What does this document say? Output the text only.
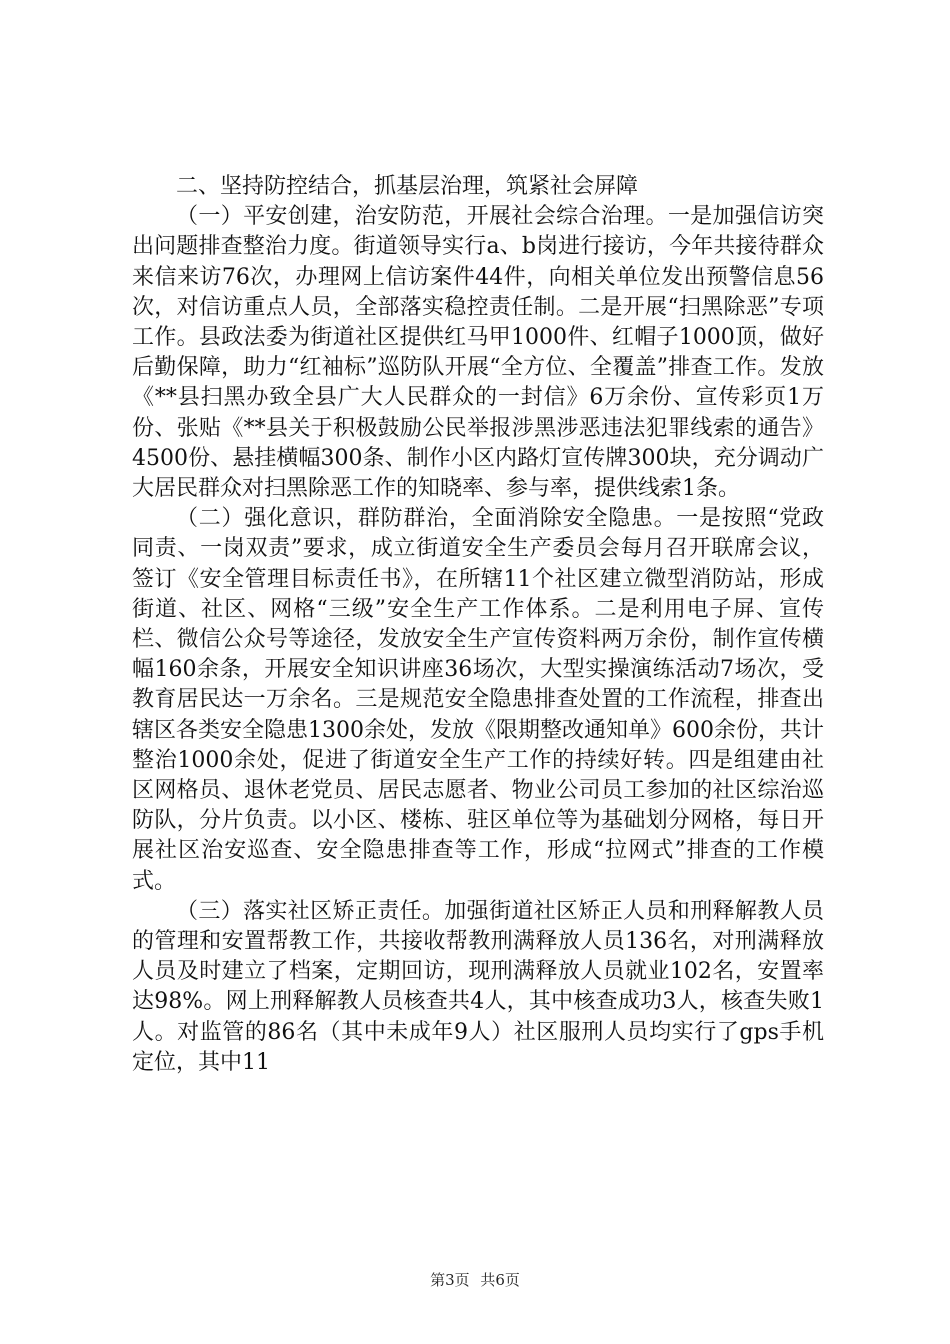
二、坚持防控结合，抓基层治理，筑紧社会屏障

（一）平安创建，治安防范，开展社会综合治理。一是加强信访突出问题排查整治力度。街道领导实行a、b岗进行接访，今年共接待群众来信来访76次，办理网上信访案件44件，向相关单位发出预警信息56次，对信访重点人员，全部落实稳控责任制。二是开展“扫黑除恶”专项工作。县政法委为街道社区提供红马甲1000件、红帽子1000顶，做好后勤保障，助力“红袖标”巡防队开展“全方位、全覆盖”排查工作。发放《**县扫黑办致全县广大人民群众的一封信》6万余份、宣传彩页1万份、张贴《**县关于积极鼓励公民举报涉黑涉恶违法犯罪线索的通告》4500份、悬挂横幅300条、制作小区内路灯宣传牌300块，充分调动广大居民群众对扫黑除恶工作的知晓率、参与率，提供线索1条。

（二）强化意识，群防群治，全面消除安全隐患。一是按照“党政同责、一岗双责”要求，成立街道安全生产委员会每月召开联席会议，签订《安全管理目标责任书》，在所辖11个社区建立微型消防站，形成街道、社区、网格“三级”安全生产工作体系。二是利用电子屏、宣传栏、微信公众号等途径，发放安全生产宣传资料两万余份，制作宣传横幅160余条，开展安全知识讲座36场次，大型实操演练活动7场次，受教育居民达一万余名。三是规范安全隐患排查处置的工作流程，排查出辖区各类安全隐患1300余处，发放《限期整改通知单》600余份，共计整治1000余处，促进了街道安全生产工作的持续好转。四是组建由社区网格员、退休老党员、居民志愿者、物业公司员工参加的社区综治巡防队，分片负责。以小区、楼栋、驻区单位等为基础划分网格，每日开展社区治安巡查、安全隐患排查等工作，形成“拉网式”排查的工作模式。

（三）落实社区矫正责任。加强街道社区矫正人员和刑释解教人员的管理和安置帮教工作，共接收帮教刑满释放人员136名，对刑满释放人员及时建立了档案，定期回访，现刑满释放人员就业102名，安置率达98%。网上刑释解教人员核查共4人，其中核查成功3人，核查失败1人。对监管的86名（其中未成年9人）社区服刑人员均实行了gps手机定位，其中11

第3页 共6页
